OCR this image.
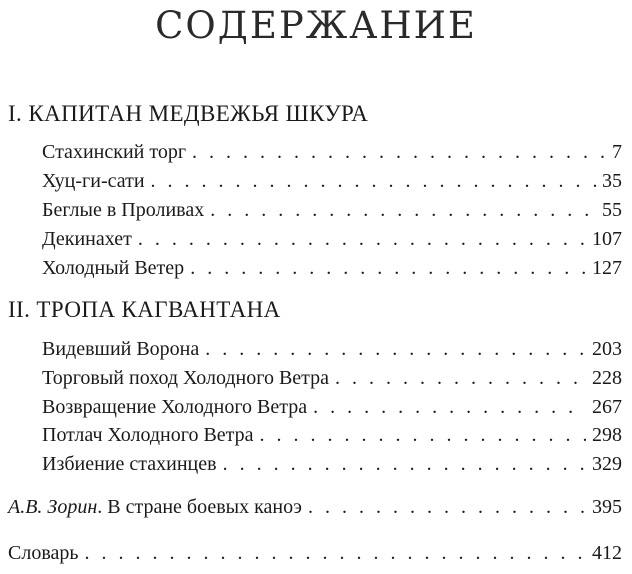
СОДЕРЖАНИЕ
I. КАПИТАН МЕДВЕЖЬЯ ШКУРА
Стахинский торг . . .	7
Хуц-ги-сати . . .	35
Беглые в Проливах . . .	55
Декинахет . . .	107
Холодный Ветер . . .	127
II. ТРОПА КАГВАНТАНА
Видевший Ворона . . .	203
Торговый поход Холодного Ветра . . .	228
Возвращение Холодного Ветра . . .	267
Потлач Холодного Ветра . . .	298
Избиение стахинцев . . .	329
А.В. Зорин. В стране боевых каноэ . . .	395
Словарь . . .	412
